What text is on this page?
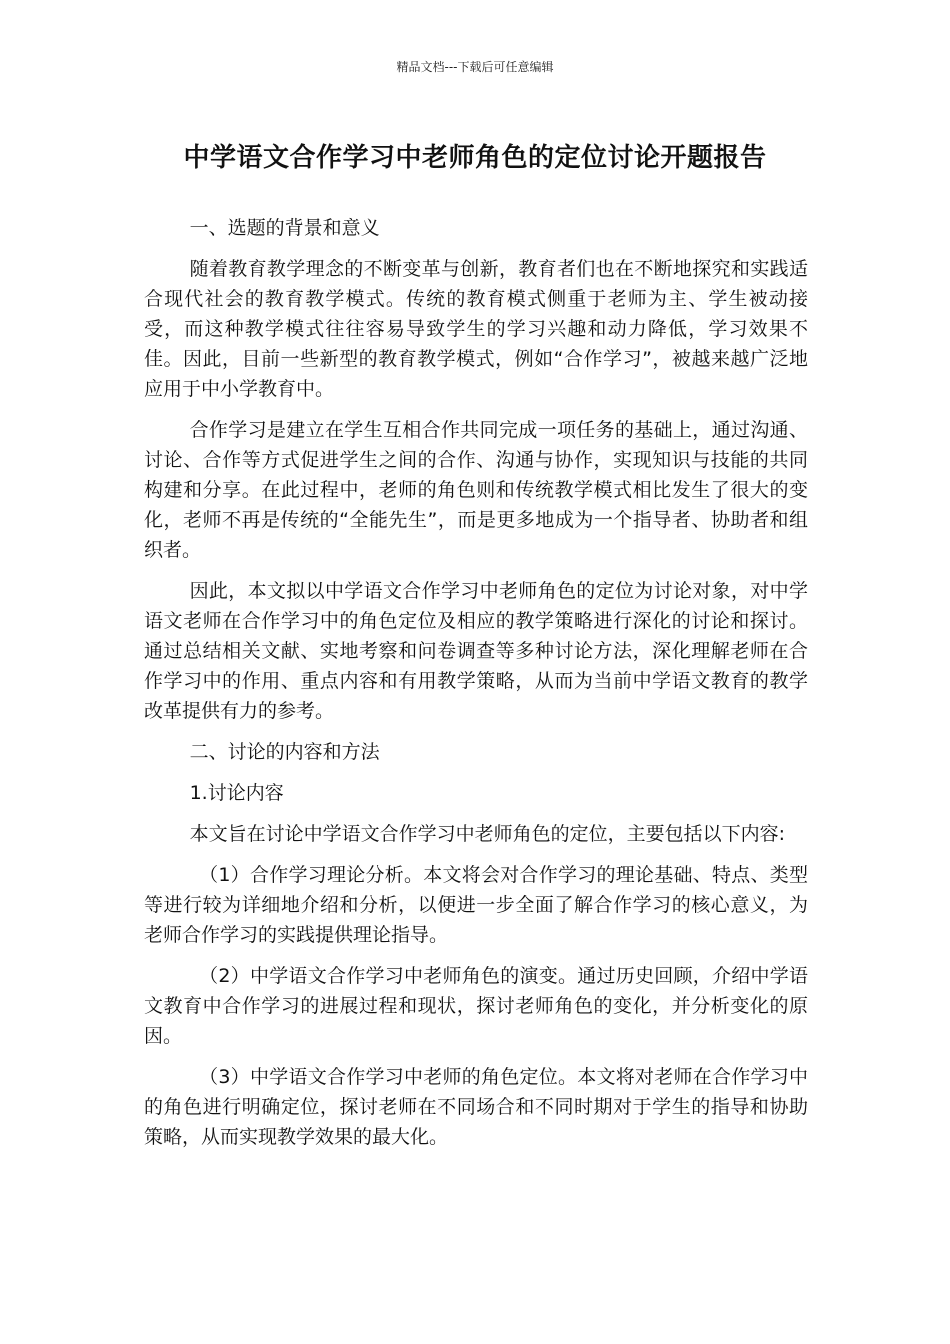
精品文档---下载后可任意编辑
中学语文合作学习中老师角色的定位讨论开题报告
一、选题的背景和意义

随着教育教学理念的不断变革与创新，教育者们也在不断地探究和实践适合现代社会的教育教学模式。传统的教育模式侧重于老师为主、学生被动接受，而这种教学模式往往容易导致学生的学习兴趣和动力降低，学习效果不佳。因此，目前一些新型的教育教学模式，例如“合作学习”，被越来越广泛地应用于中小学教育中。

合作学习是建立在学生互相合作共同完成一项任务的基础上，通过沟通、讨论、合作等方式促进学生之间的合作、沟通与协作，实现知识与技能的共同构建和分享。在此过程中，老师的角色则和传统教学模式相比发生了很大的变化，老师不再是传统的“全能先生”，而是更多地成为一个指导者、协助者和组织者。

因此，本文拟以中学语文合作学习中老师角色的定位为讨论对象，对中学语文老师在合作学习中的角色定位及相应的教学策略进行深化的讨论和探讨。通过总结相关文献、实地考察和问卷调查等多种讨论方法，深化理解老师在合作学习中的作用、重点内容和有用教学策略，从而为当前中学语文教育的教学改革提供有力的参考。

二、讨论的内容和方法
1.讨论内容

本文旨在讨论中学语文合作学习中老师角色的定位，主要包括以下内容:

（1）合作学习理论分析。本文将会对合作学习的理论基础、特点、类型等进行较为详细地介绍和分析，以便进一步全面了解合作学习的核心意义，为老师合作学习的实践提供理论指导。

（2）中学语文合作学习中老师角色的演变。通过历史回顾，介绍中学语文教育中合作学习的进展过程和现状，探讨老师角色的变化，并分析变化的原因。

（3）中学语文合作学习中老师的角色定位。本文将对老师在合作学习中的角色进行明确定位，探讨老师在不同场合和不同时期对于学生的指导和协助策略，从而实现教学效果的最大化。
